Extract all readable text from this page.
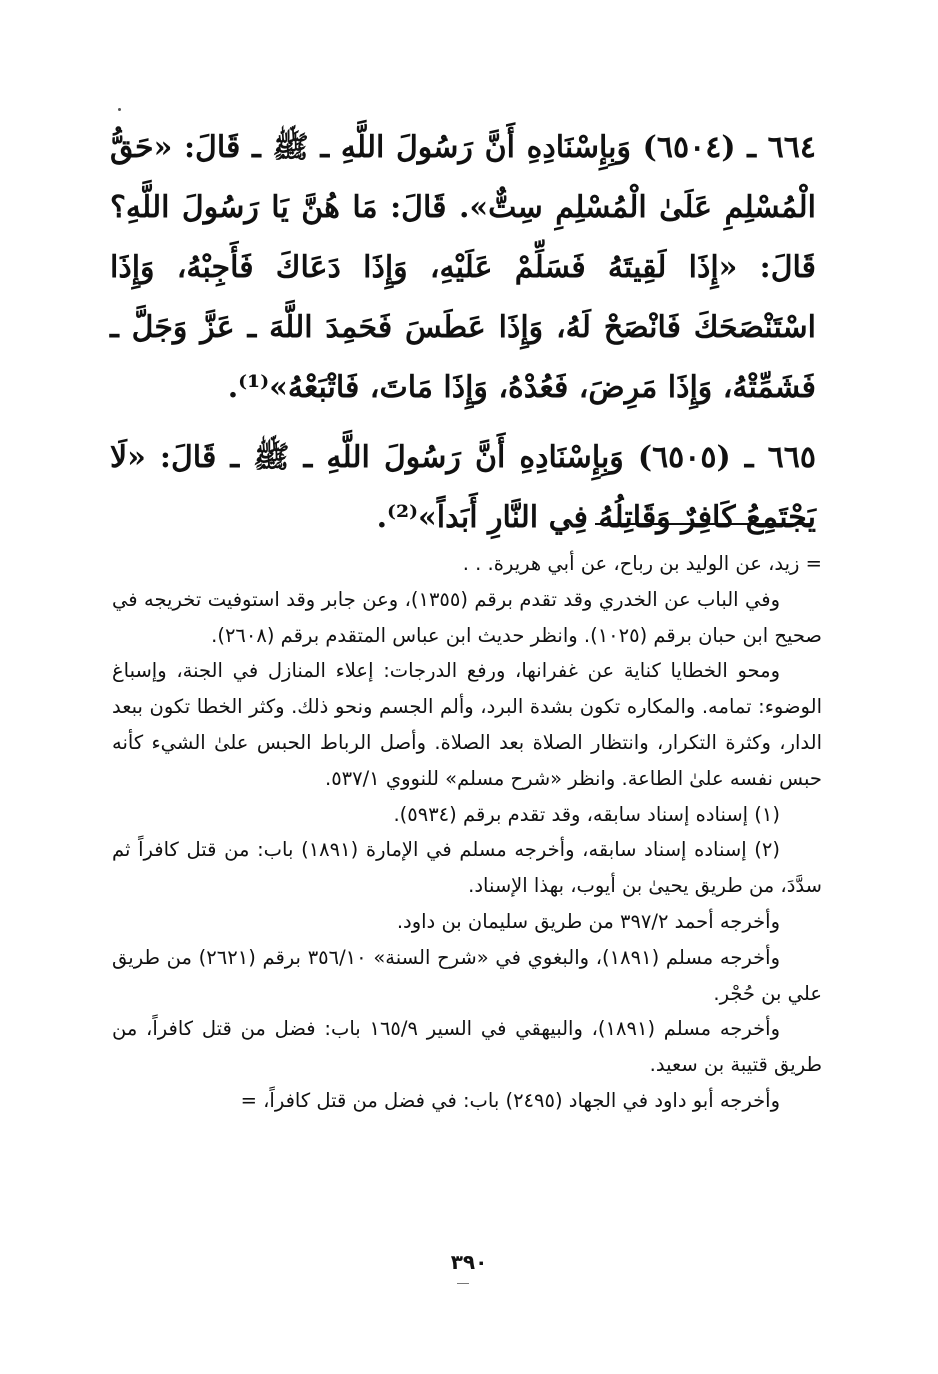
٦٦٤ ـ (٦٥٠٤) وَبِإِسْنَادِهِ أَنَّ رَسُولَ اللَّهِ ـ ﷺ ـ قَالَ: «حَقُّ الْمُسْلِمِ عَلَىٰ الْمُسْلِمِ سِتٌّ». قَالَ: مَا هُنَّ يَا رَسُولَ اللَّهِ؟ قَالَ: «إِذَا لَقِيتَهُ فَسَلِّمْ عَلَيْهِ، وَإِذَا دَعَاكَ فَأَجِبْهُ، وَإِذَا اسْتَنْصَحَكَ فَانْصَحْ لَهُ، وَإِذَا عَطَسَ فَحَمِدَ اللَّهَ ـ عَزَّ وَجَلَّ ـ فَشَمِّتْهُ، وَإِذَا مَرِضَ، فَعُدْهُ، وَإِذَا مَاتَ، فَاتْبَعْهُ»⁽¹⁾.

٦٦٥ ـ (٦٥٠٥) وَبِإِسْنَادِهِ أَنَّ رَسُولَ اللَّهِ ـ ﷺ ـ قَالَ: «لَا يَجْتَمِعُ كَافِرٌ وَقَاتِلُهُ فِي النَّارِ أَبَداً»⁽²⁾.

= زيد، عن الوليد بن رباح، عن أبي هريرة. . .

وفي الباب عن الخدري وقد تقدم برقم (١٣٥٥)، وعن جابر وقد استوفيت تخريجه في صحيح ابن حبان برقم (١٠٢٥). وانظر حديث ابن عباس المتقدم برقم (٢٦٠٨).

ومحو الخطايا كناية عن غفرانها، ورفع الدرجات: إعلاء المنازل في الجنة، وإسباغ الوضوء: تمامه. والمكاره تكون بشدة البرد، وألم الجسم ونحو ذلك. وكثر الخطا تكون ببعد الدار، وكثرة التكرار، وانتظار الصلاة بعد الصلاة. وأصل الرباط الحبس علىٰ الشيء كأنه حبس نفسه علىٰ الطاعة. وانظر «شرح مسلم» للنووي ٥٣٧/١.

(١) إسناده إسناد سابقه، وقد تقدم برقم (٥٩٣٤).

(٢) إسناده إسناد سابقه، وأخرجه مسلم في الإمارة (١٨٩١) باب: من قتل كافراً ثم سدَّدَ، من طريق يحيىٰ بن أيوب، بهذا الإسناد.

وأخرجه أحمد ٣٩٧/٢ من طريق سليمان بن داود.

وأخرجه مسلم (١٨٩١)، والبغوي في «شرح السنة» ٣٥٦/١٠ برقم (٢٦٢١) من طريق علي بن حُجْر.

وأخرجه مسلم (١٨٩١)، والبيهقي في السير ١٦٥/٩ باب: فضل من قتل كافراً، من طريق قتيبة بن سعيد.

وأخرجه أبو داود في الجهاد (٢٤٩٥) باب: في فضل من قتل كافراً، =

٣٩٠
